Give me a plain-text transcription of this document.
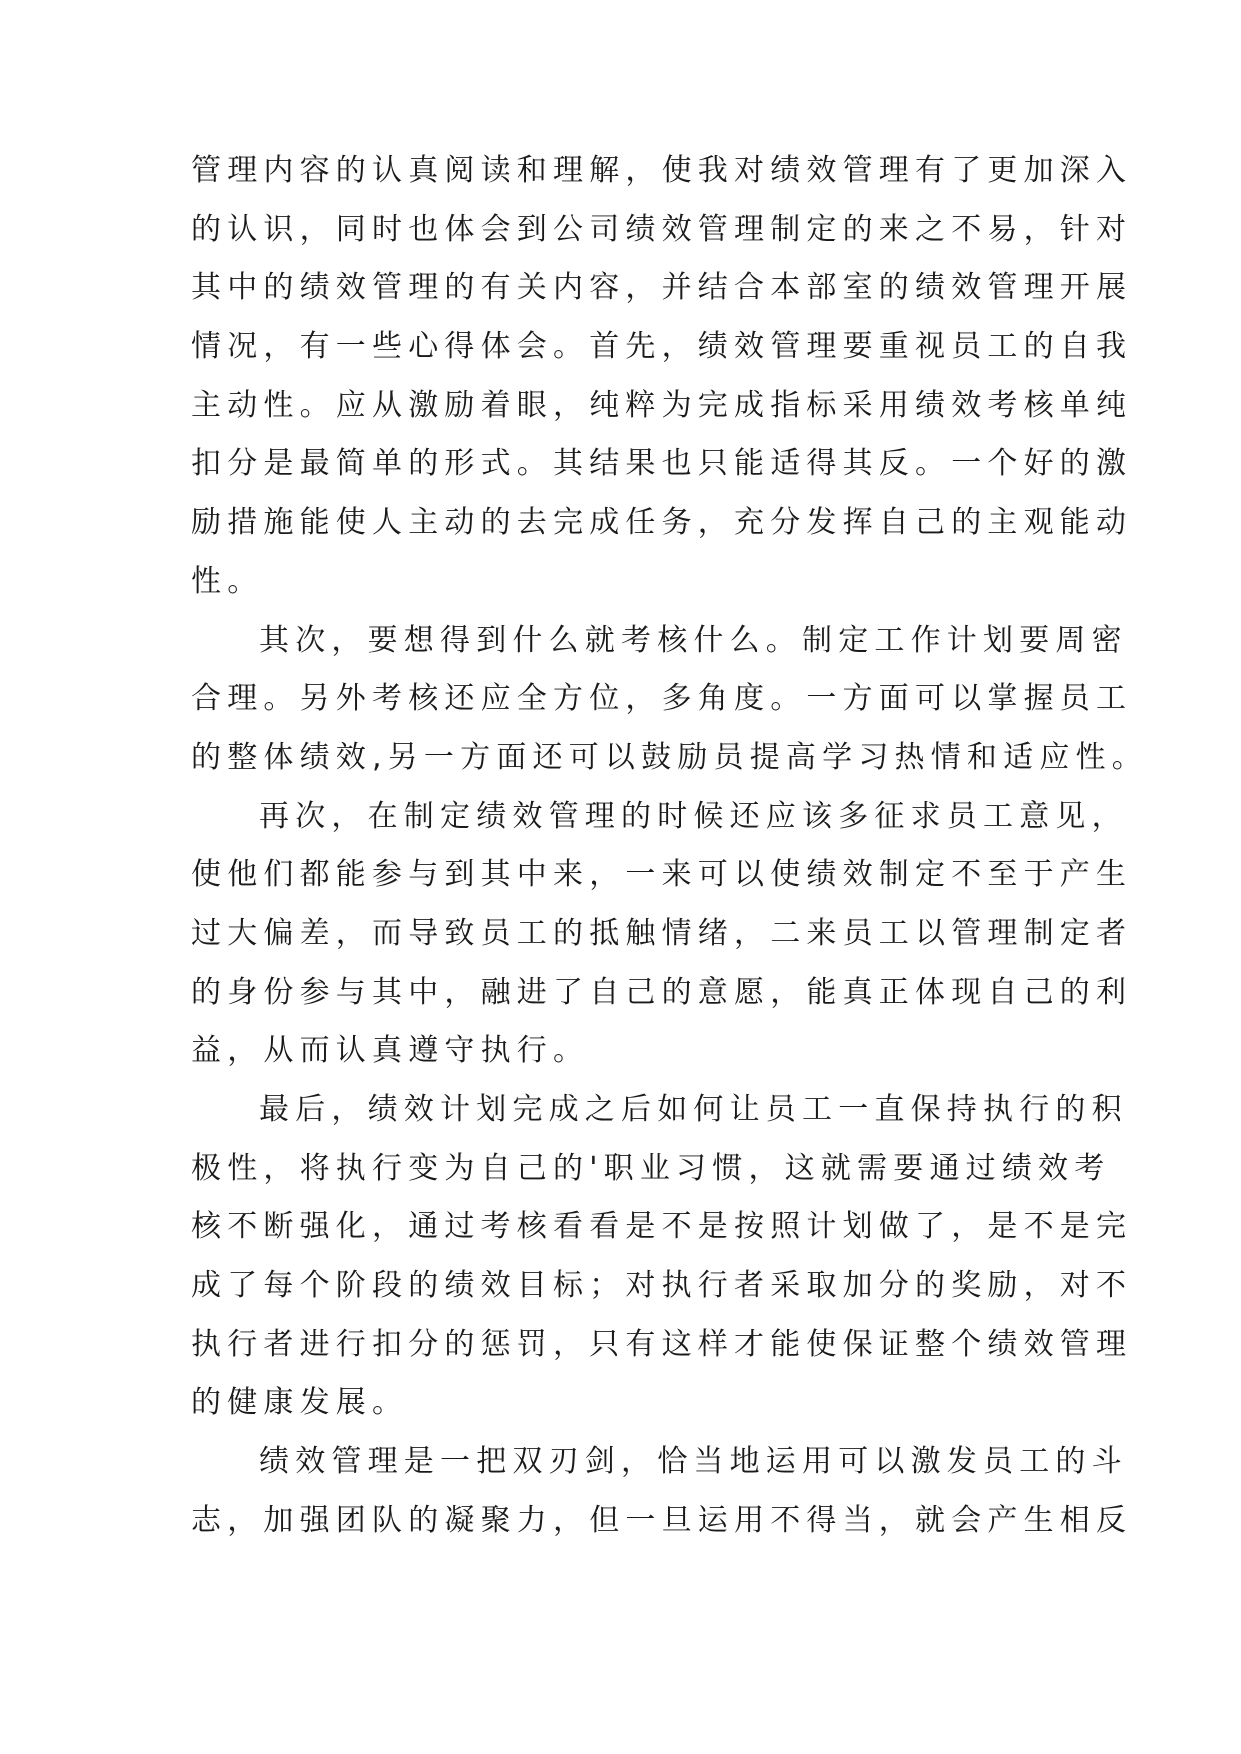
管理内容的认真阅读和理解，使我对绩效管理有了更加深入
的认识，同时也体会到公司绩效管理制定的来之不易，针对
其中的绩效管理的有关内容，并结合本部室的绩效管理开展
情况，有一些心得体会。首先，绩效管理要重视员工的自我
主动性。应从激励着眼，纯粹为完成指标采用绩效考核单纯
扣分是最简单的形式。其结果也只能适得其反。一个好的激
励措施能使人主动的去完成任务，充分发挥自己的主观能动
性。
其次，要想得到什么就考核什么。制定工作计划要周密
合理。另外考核还应全方位，多角度。一方面可以掌握员工
的整体绩效,另一方面还可以鼓励员提高学习热情和适应性。
再次，在制定绩效管理的时候还应该多征求员工意见，
使他们都能参与到其中来，一来可以使绩效制定不至于产生
过大偏差，而导致员工的抵触情绪，二来员工以管理制定者
的身份参与其中，融进了自己的意愿，能真正体现自己的利
益，从而认真遵守执行。
最后，绩效计划完成之后如何让员工一直保持执行的积
极性，将执行变为自己的'职业习惯，这就需要通过绩效考
核不断强化，通过考核看看是不是按照计划做了，是不是完
成了每个阶段的绩效目标；对执行者采取加分的奖励，对不
执行者进行扣分的惩罚，只有这样才能使保证整个绩效管理
的健康发展。
绩效管理是一把双刃剑，恰当地运用可以激发员工的斗
志，加强团队的凝聚力，但一旦运用不得当，就会产生相反
